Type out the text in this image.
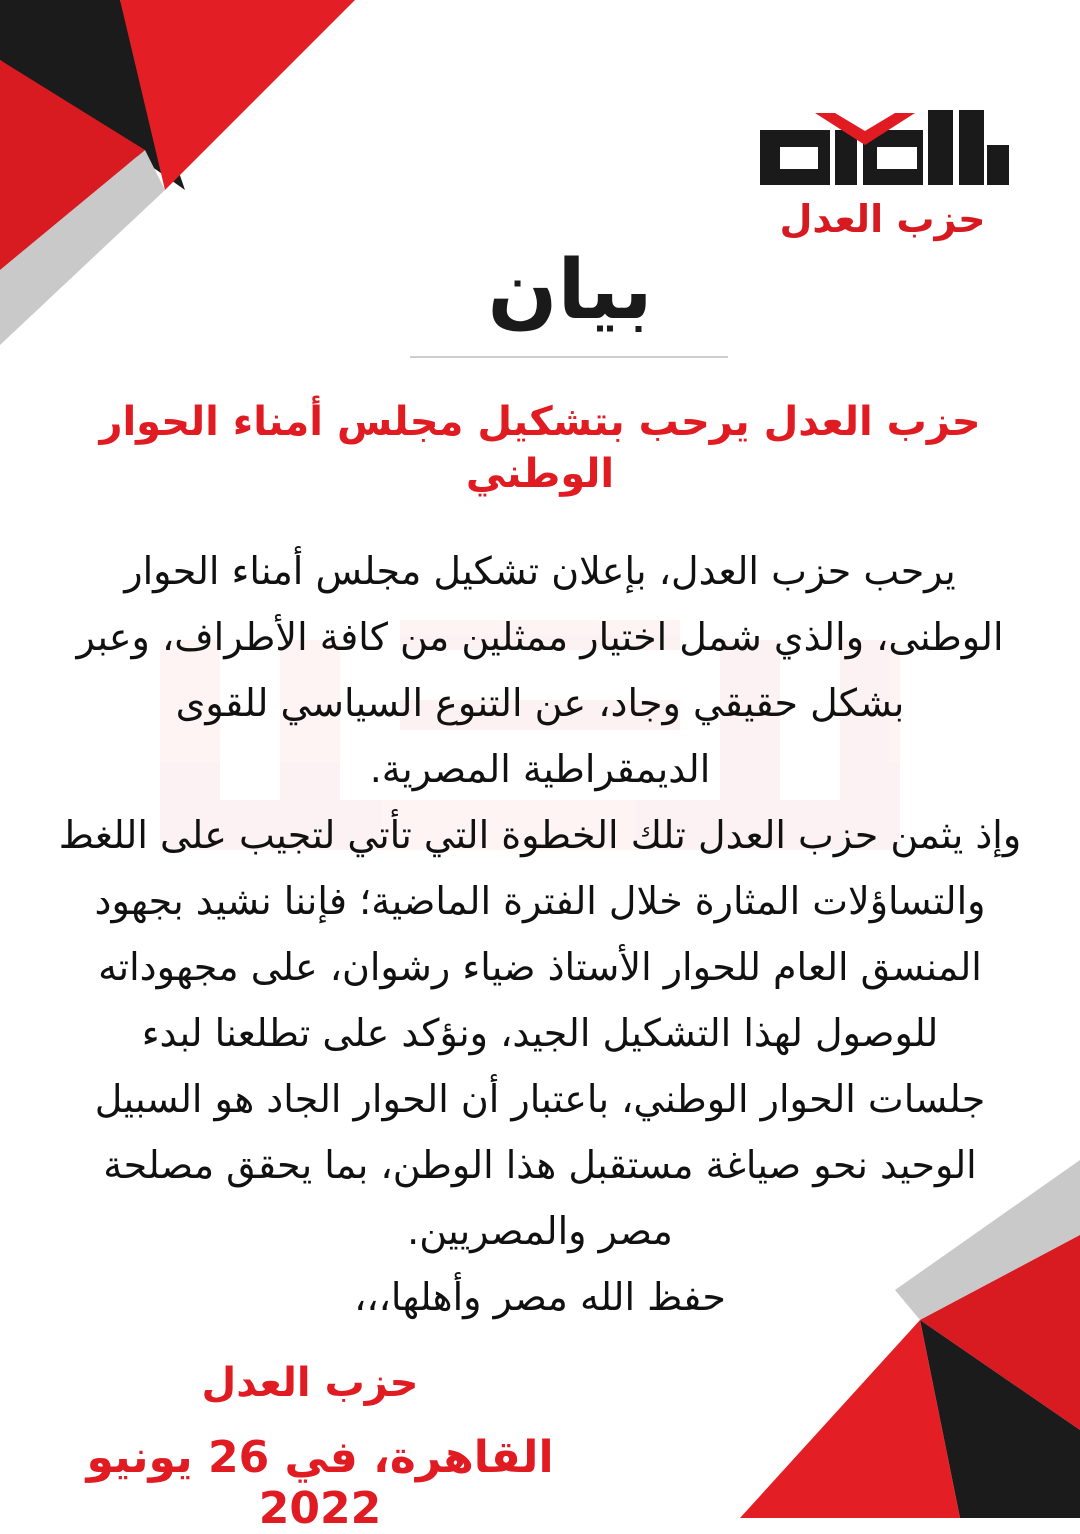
حزب العدل
بيان
حزب العدل يرحب بتشكيل مجلس أمناء الحوار الوطني

يرحب حزب العدل، بإعلان تشكيل مجلس أمناء الحوار

الوطنى، والذي شمل اختيار ممثلين من كافة الأطراف، وعبر

بشكل حقيقي وجاد، عن التنوع السياسي للقوى

الديمقراطية المصرية.

وإذ يثمن حزب العدل تلك الخطوة التي تأتي لتجيب على اللغط

والتساؤلات المثارة خلال الفترة الماضية؛ فإننا نشيد بجهود

المنسق العام للحوار الأستاذ ضياء رشوان، على مجهوداته

للوصول لهذا التشكيل الجيد، ونؤكد على تطلعنا لبدء

جلسات الحوار الوطني، باعتبار أن الحوار الجاد هو السبيل

الوحيد نحو صياغة مستقبل هذا الوطن، بما يحقق مصلحة

مصر والمصريين.

حفظ الله مصر وأهلها،،،

حزب العدل
القاهرة، في 26 يونيو 2022
